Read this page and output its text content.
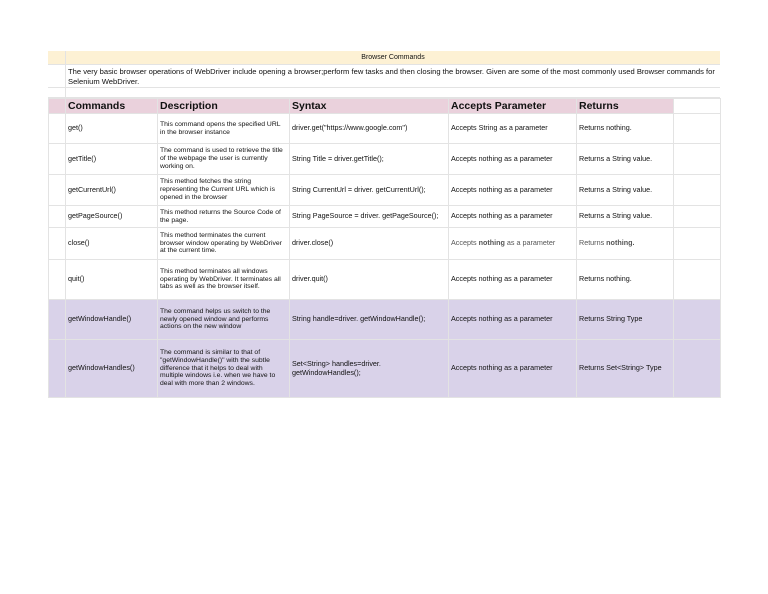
Browser Commands
The very basic browser operations of WebDriver include opening a browser;perform few tasks and then closing the browser. Given are some of the most commonly used Browser commands for Selenium WebDriver.
	Commands	Description	Syntax	Accepts Parameter	Returns	
	get()	This command opens the specified URL in the browser instance	driver.get("https://www.google.com")	Accepts String as a parameter	Returns nothing.	
	getTitle()	The command is used to retrieve the title of the webpage the user is currently working on.	String Title = driver.getTitle();	Accepts nothing as a parameter	Returns a String value.	
	getCurrentUrl()	This method fetches the string representing the Current URL which is opened in the browser	String CurrentUrl = driver. getCurrentUrl();	Accepts nothing as a parameter	Returns a String value.	
	getPageSource()	This method returns the Source Code of the page.	String PageSource = driver. getPageSource();	Accepts nothing as a parameter	Returns a String value.	
	close()	This method terminates the current browser window operating by WebDriver at the current time.	driver.close()	Accepts nothing as a parameter	Returns nothing.	
	quit()	This method terminates all windows operating by WebDriver. It terminates all tabs as well as the browser itself.	driver.quit()	Accepts nothing as a parameter	Returns nothing.	
	getWindowHandle()	The command helps us switch to the newly opened window and performs actions on the new window	String handle=driver. getWindowHandle();	Accepts nothing as a parameter	Returns String Type	
	getWindowHandles()	The command is similar to that of "getWindowHandle()" with the subtle difference that it helps to deal with multiple windows i.e. when we have to deal with more than 2 windows.	Set<String> handles=driver. getWindowHandles();	Accepts nothing as a parameter	Returns Set<String> Type	
